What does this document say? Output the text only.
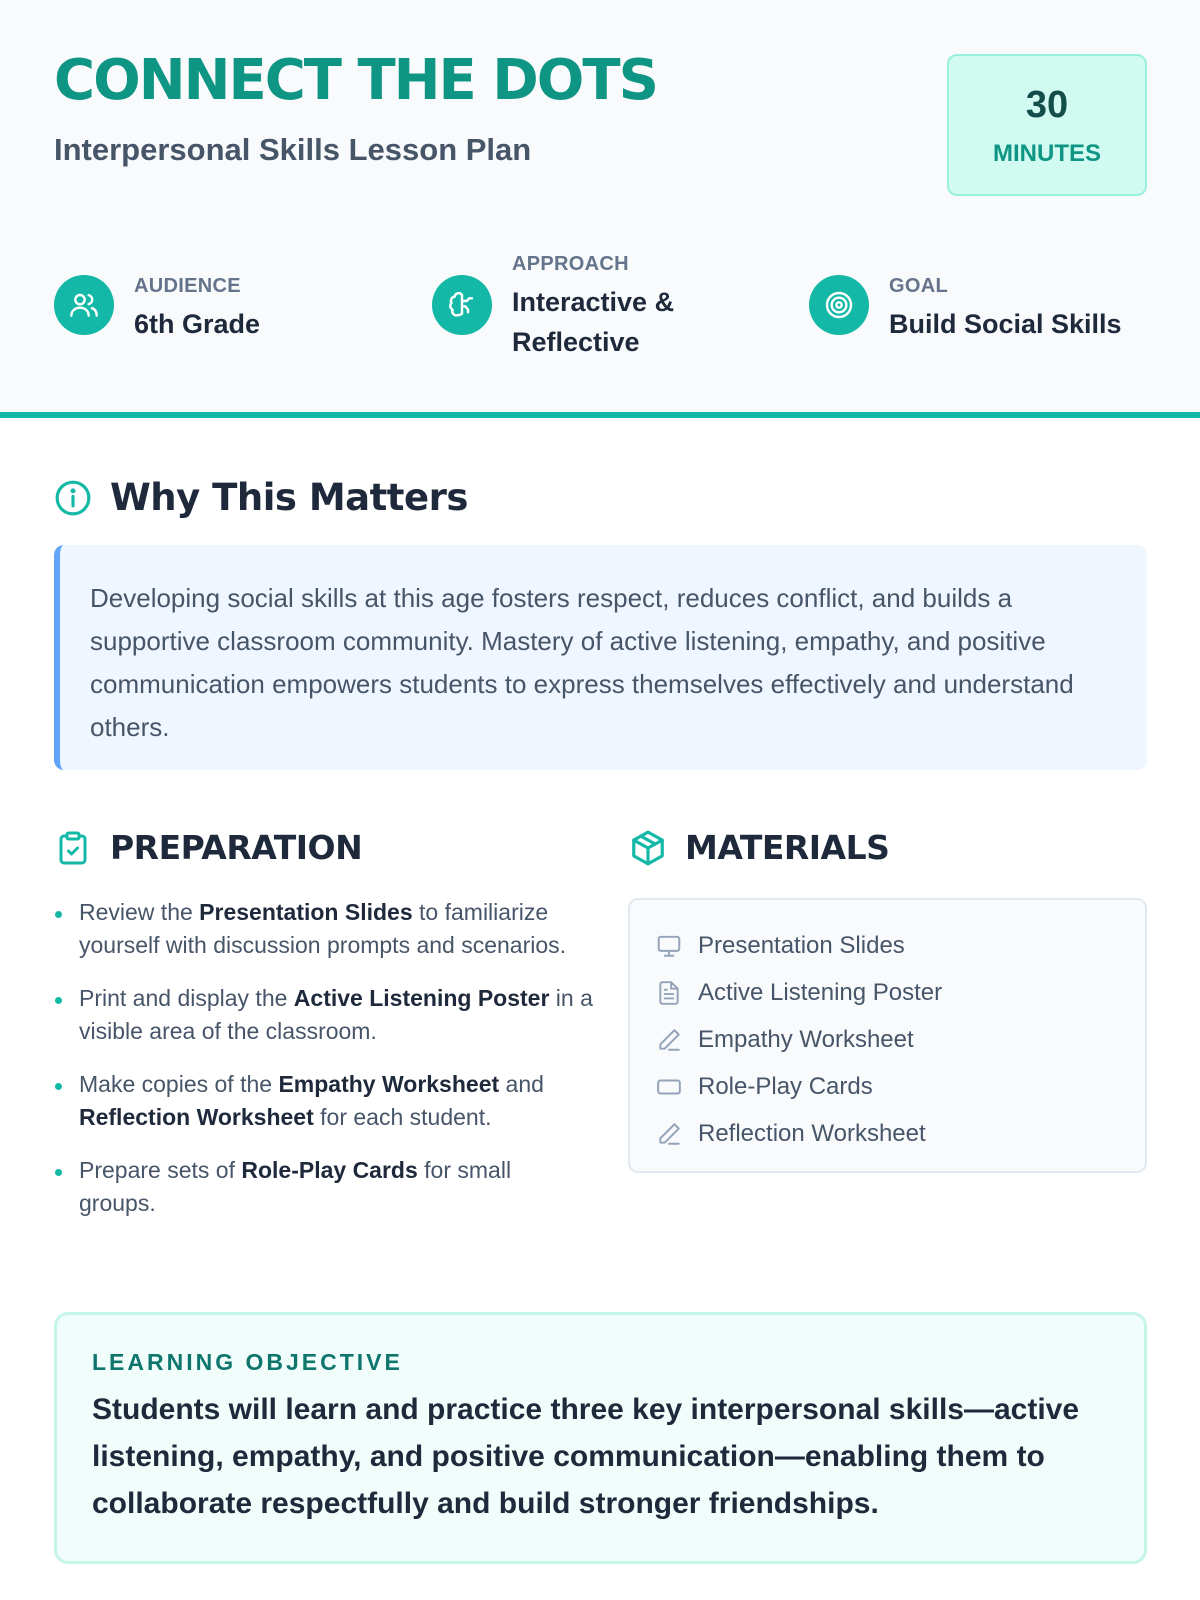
CONNECT THE DOTS
Interpersonal Skills Lesson Plan
30
MINUTES
AUDIENCE
6th Grade
APPROACH
Interactive &
Reflective
GOAL
Build Social Skills
Why This Matters

Developing social skills at this age fosters respect, reduces conflict, and builds a supportive classroom community. Mastery of active listening, empathy, and positive communication empowers students to express themselves effectively and understand others.

PREPARATION
Review the Presentation Slides to familiarize yourself with discussion prompts and scenarios.
Print and display the Active Listening Poster in a visible area of the classroom.
Make copies of the Empathy Worksheet and Reflection Worksheet for each student.
Prepare sets of Role-Play Cards for small groups.
MATERIALS
Presentation Slides
Active Listening Poster
Empathy Worksheet
Role-Play Cards
Reflection Worksheet
LEARNING OBJECTIVE
Students will learn and practice three key interpersonal skills—active listening, empathy, and positive communication—enabling them to collaborate respectfully and build stronger friendships.
